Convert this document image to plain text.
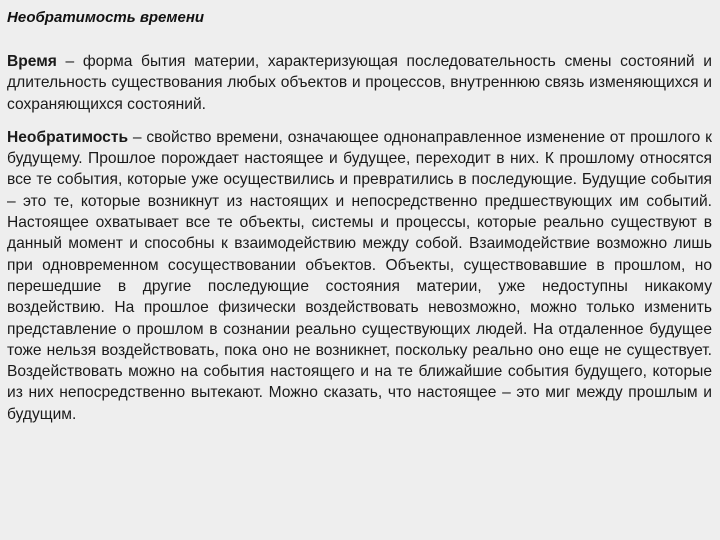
Необратимость времени

Время – форма бытия материи, характеризующая последовательность смены состояний и длительность существования любых объектов и процессов, внутреннюю связь изменяющихся и сохраняющихся состояний.

Необратимость – свойство времени, означающее однонаправленное изменение от прошлого к будущему. Прошлое порождает настоящее и будущее, переходит в них. К прошлому относятся все те события, которые уже осуществились и превратились в последующие. Будущие события – это те, которые возникнут из настоящих и непосредственно предшествующих им событий. Настоящее охватывает все те объекты, системы и процессы, которые реально существуют в данный момент и способны к взаимодействию между собой. Взаимодействие возможно лишь при одновременном сосуществовании объектов. Объекты, существовавшие в прошлом, но перешедшие в другие последующие состояния материи, уже недоступны никакому воздействию. На прошлое физически воздействовать невозможно, можно только изменить представление о прошлом в сознании реально существующих людей. На отдаленное будущее тоже нельзя воздействовать, пока оно не возникнет, поскольку реально оно еще не существует. Воздействовать можно на события настоящего и на те ближайшие события будущего, которые из них непосредственно вытекают. Можно сказать, что настоящее – это миг между прошлым и будущим.
